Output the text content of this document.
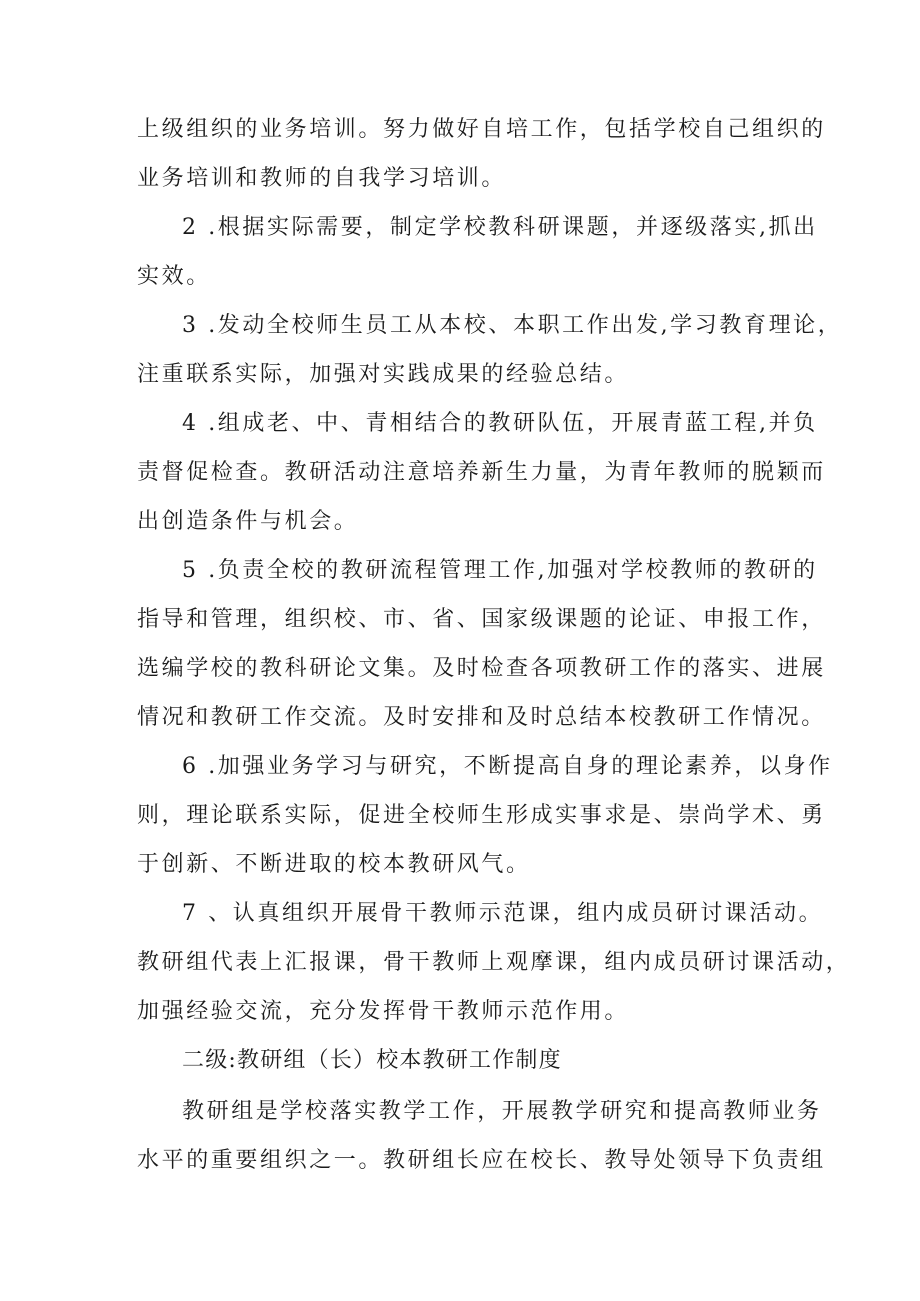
上级组织的业务培训。努力做好自培工作，包括学校自己组织的

业务培训和教师的自我学习培训。

2 .根据实际需要，制定学校教科研课题，并逐级落实,抓出

实效。

3 .发动全校师生员工从本校、本职工作出发,学习教育理论，

注重联系实际，加强对实践成果的经验总结。

4 .组成老、中、青相结合的教研队伍，开展青蓝工程,并负

责督促检查。教研活动注意培养新生力量，为青年教师的脱颖而

出创造条件与机会。

5 .负责全校的教研流程管理工作,加强对学校教师的教研的

指导和管理，组织校、市、省、国家级课题的论证、申报工作，

选编学校的教科研论文集。及时检查各项教研工作的落实、进展

情况和教研工作交流。及时安排和及时总结本校教研工作情况。

6 .加强业务学习与研究，不断提高自身的理论素养，以身作

则，理论联系实际，促进全校师生形成实事求是、崇尚学术、勇

于创新、不断进取的校本教研风气。

7 、认真组织开展骨干教师示范课，组内成员研讨课活动。

教研组代表上汇报课，骨干教师上观摩课，组内成员研讨课活动，

加强经验交流，充分发挥骨干教师示范作用。

二级:教研组（长）校本教研工作制度

教研组是学校落实教学工作，开展教学研究和提高教师业务

水平的重要组织之一。教研组长应在校长、教导处领导下负责组
